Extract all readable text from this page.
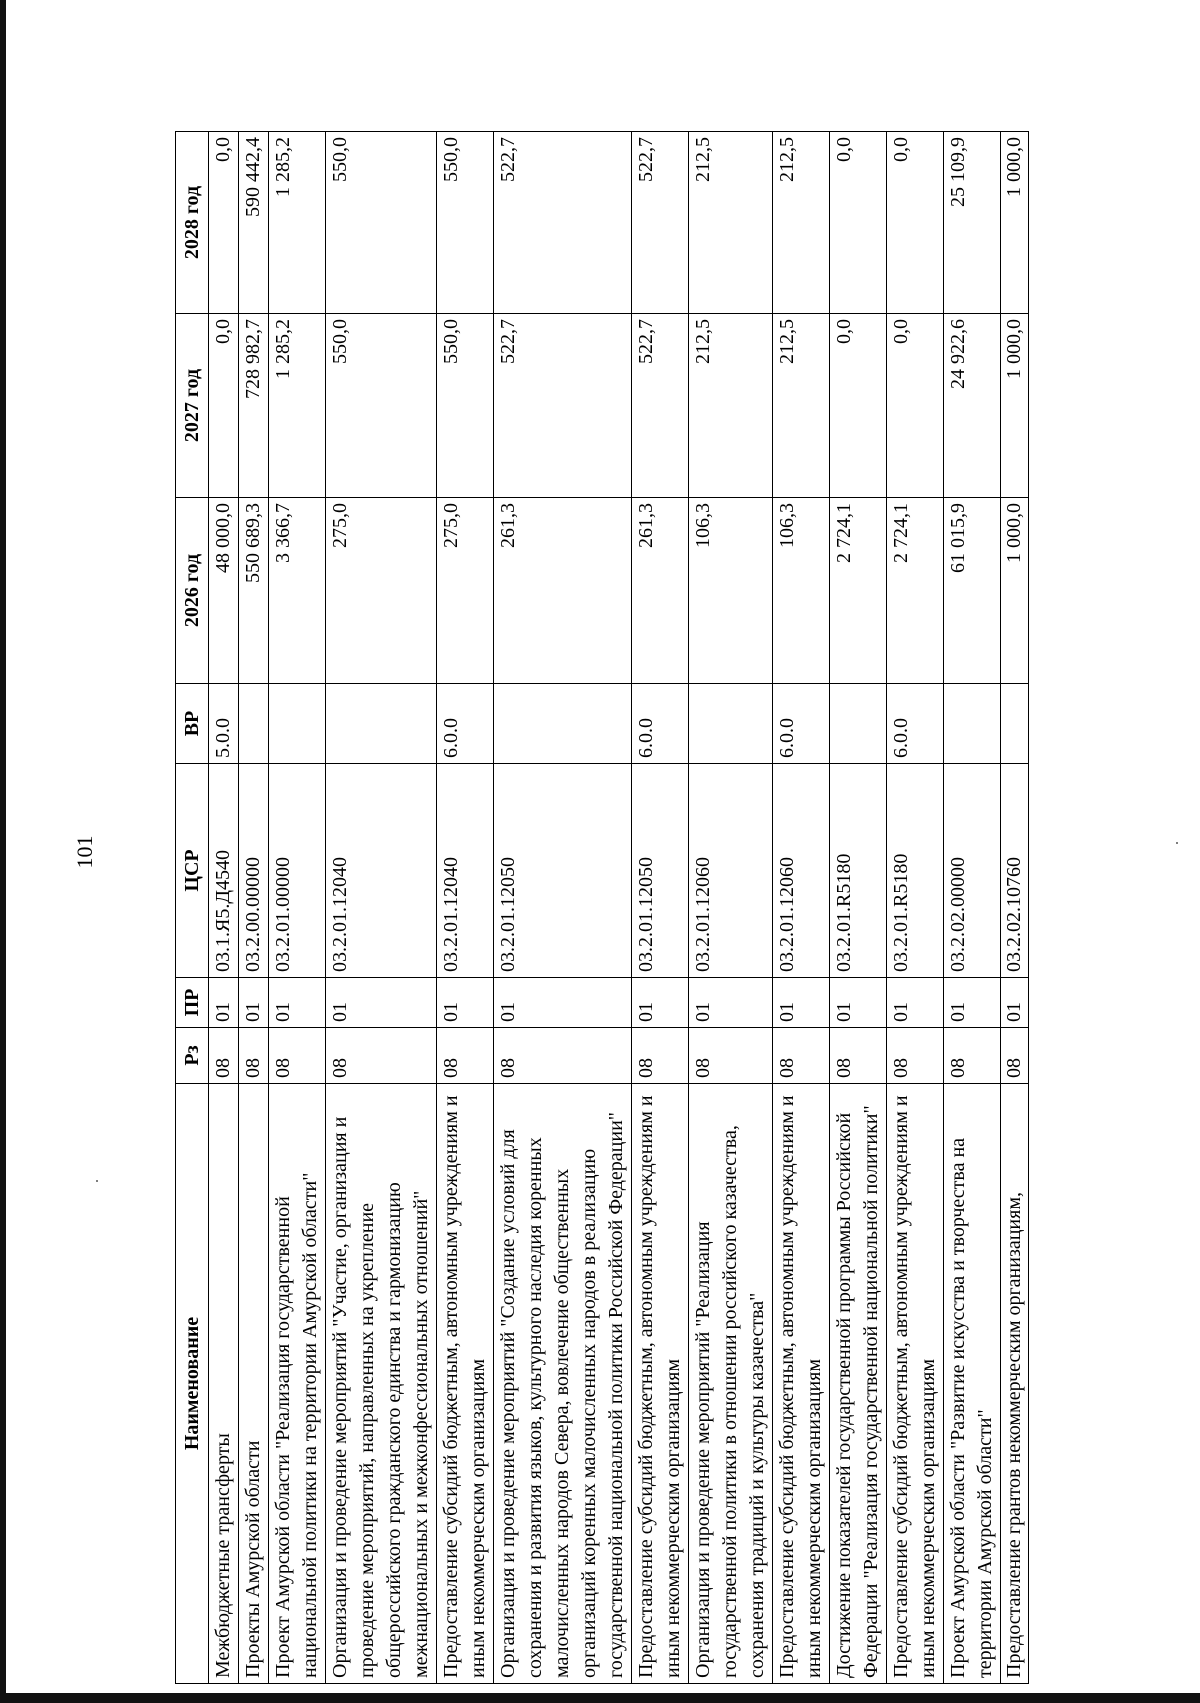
101
Наименование	Рз	ПР	ЦСР	ВР	2026 год	2027 год	2028 год
Межбюджетные трансферты	08	01	03.1.Я5.Д4540	5.0.0	48 000,0	0,0	0,0
Проекты Амурской области	08	01	03.2.00.00000		550 689,3	728 982,7	590 442,4
Проект Амурской области "Реализация государственной национальной политики на территории Амурской области"	08	01	03.2.01.00000		3 366,7	1 285,2	1 285,2
Организация и проведение мероприятий "Участие, организация и проведение мероприятий, направленных на укрепление общероссийского гражданского единства и гармонизацию межнациональных и межконфессиональных отношений"	08	01	03.2.01.12040		275,0	550,0	550,0
Предоставление субсидий бюджетным, автономным учреждениям и иным некоммерческим организациям	08	01	03.2.01.12040	6.0.0	275,0	550,0	550,0
Организация и проведение мероприятий "Создание условий для сохранения и развития языков, культурного наследия коренных малочисленных народов Севера, вовлечение общественных организаций коренных малочисленных народов в реализацию государственной национальной политики Российской Федерации"	08	01	03.2.01.12050		261,3	522,7	522,7
Предоставление субсидий бюджетным, автономным учреждениям и иным некоммерческим организациям	08	01	03.2.01.12050	6.0.0	261,3	522,7	522,7
Организация и проведение мероприятий "Реализация государственной политики в отношении российского казачества, сохранения традиций и культуры казачества"	08	01	03.2.01.12060		106,3	212,5	212,5
Предоставление субсидий бюджетным, автономным учреждениям и иным некоммерческим организациям	08	01	03.2.01.12060	6.0.0	106,3	212,5	212,5
Достижение показателей государственной программы Российской Федерации "Реализация государственной национальной политики"	08	01	03.2.01.R5180		2 724,1	0,0	0,0
Предоставление субсидий бюджетным, автономным учреждениям и иным некоммерческим организациям	08	01	03.2.01.R5180	6.0.0	2 724,1	0,0	0,0
Проект Амурской области "Развитие искусства и творчества на территории Амурской области"	08	01	03.2.02.00000		61 015,9	24 922,6	25 109,9
Предоставление грантов некоммерческим организациям,	08	01	03.2.02.10760		1 000,0	1 000,0	1 000,0
